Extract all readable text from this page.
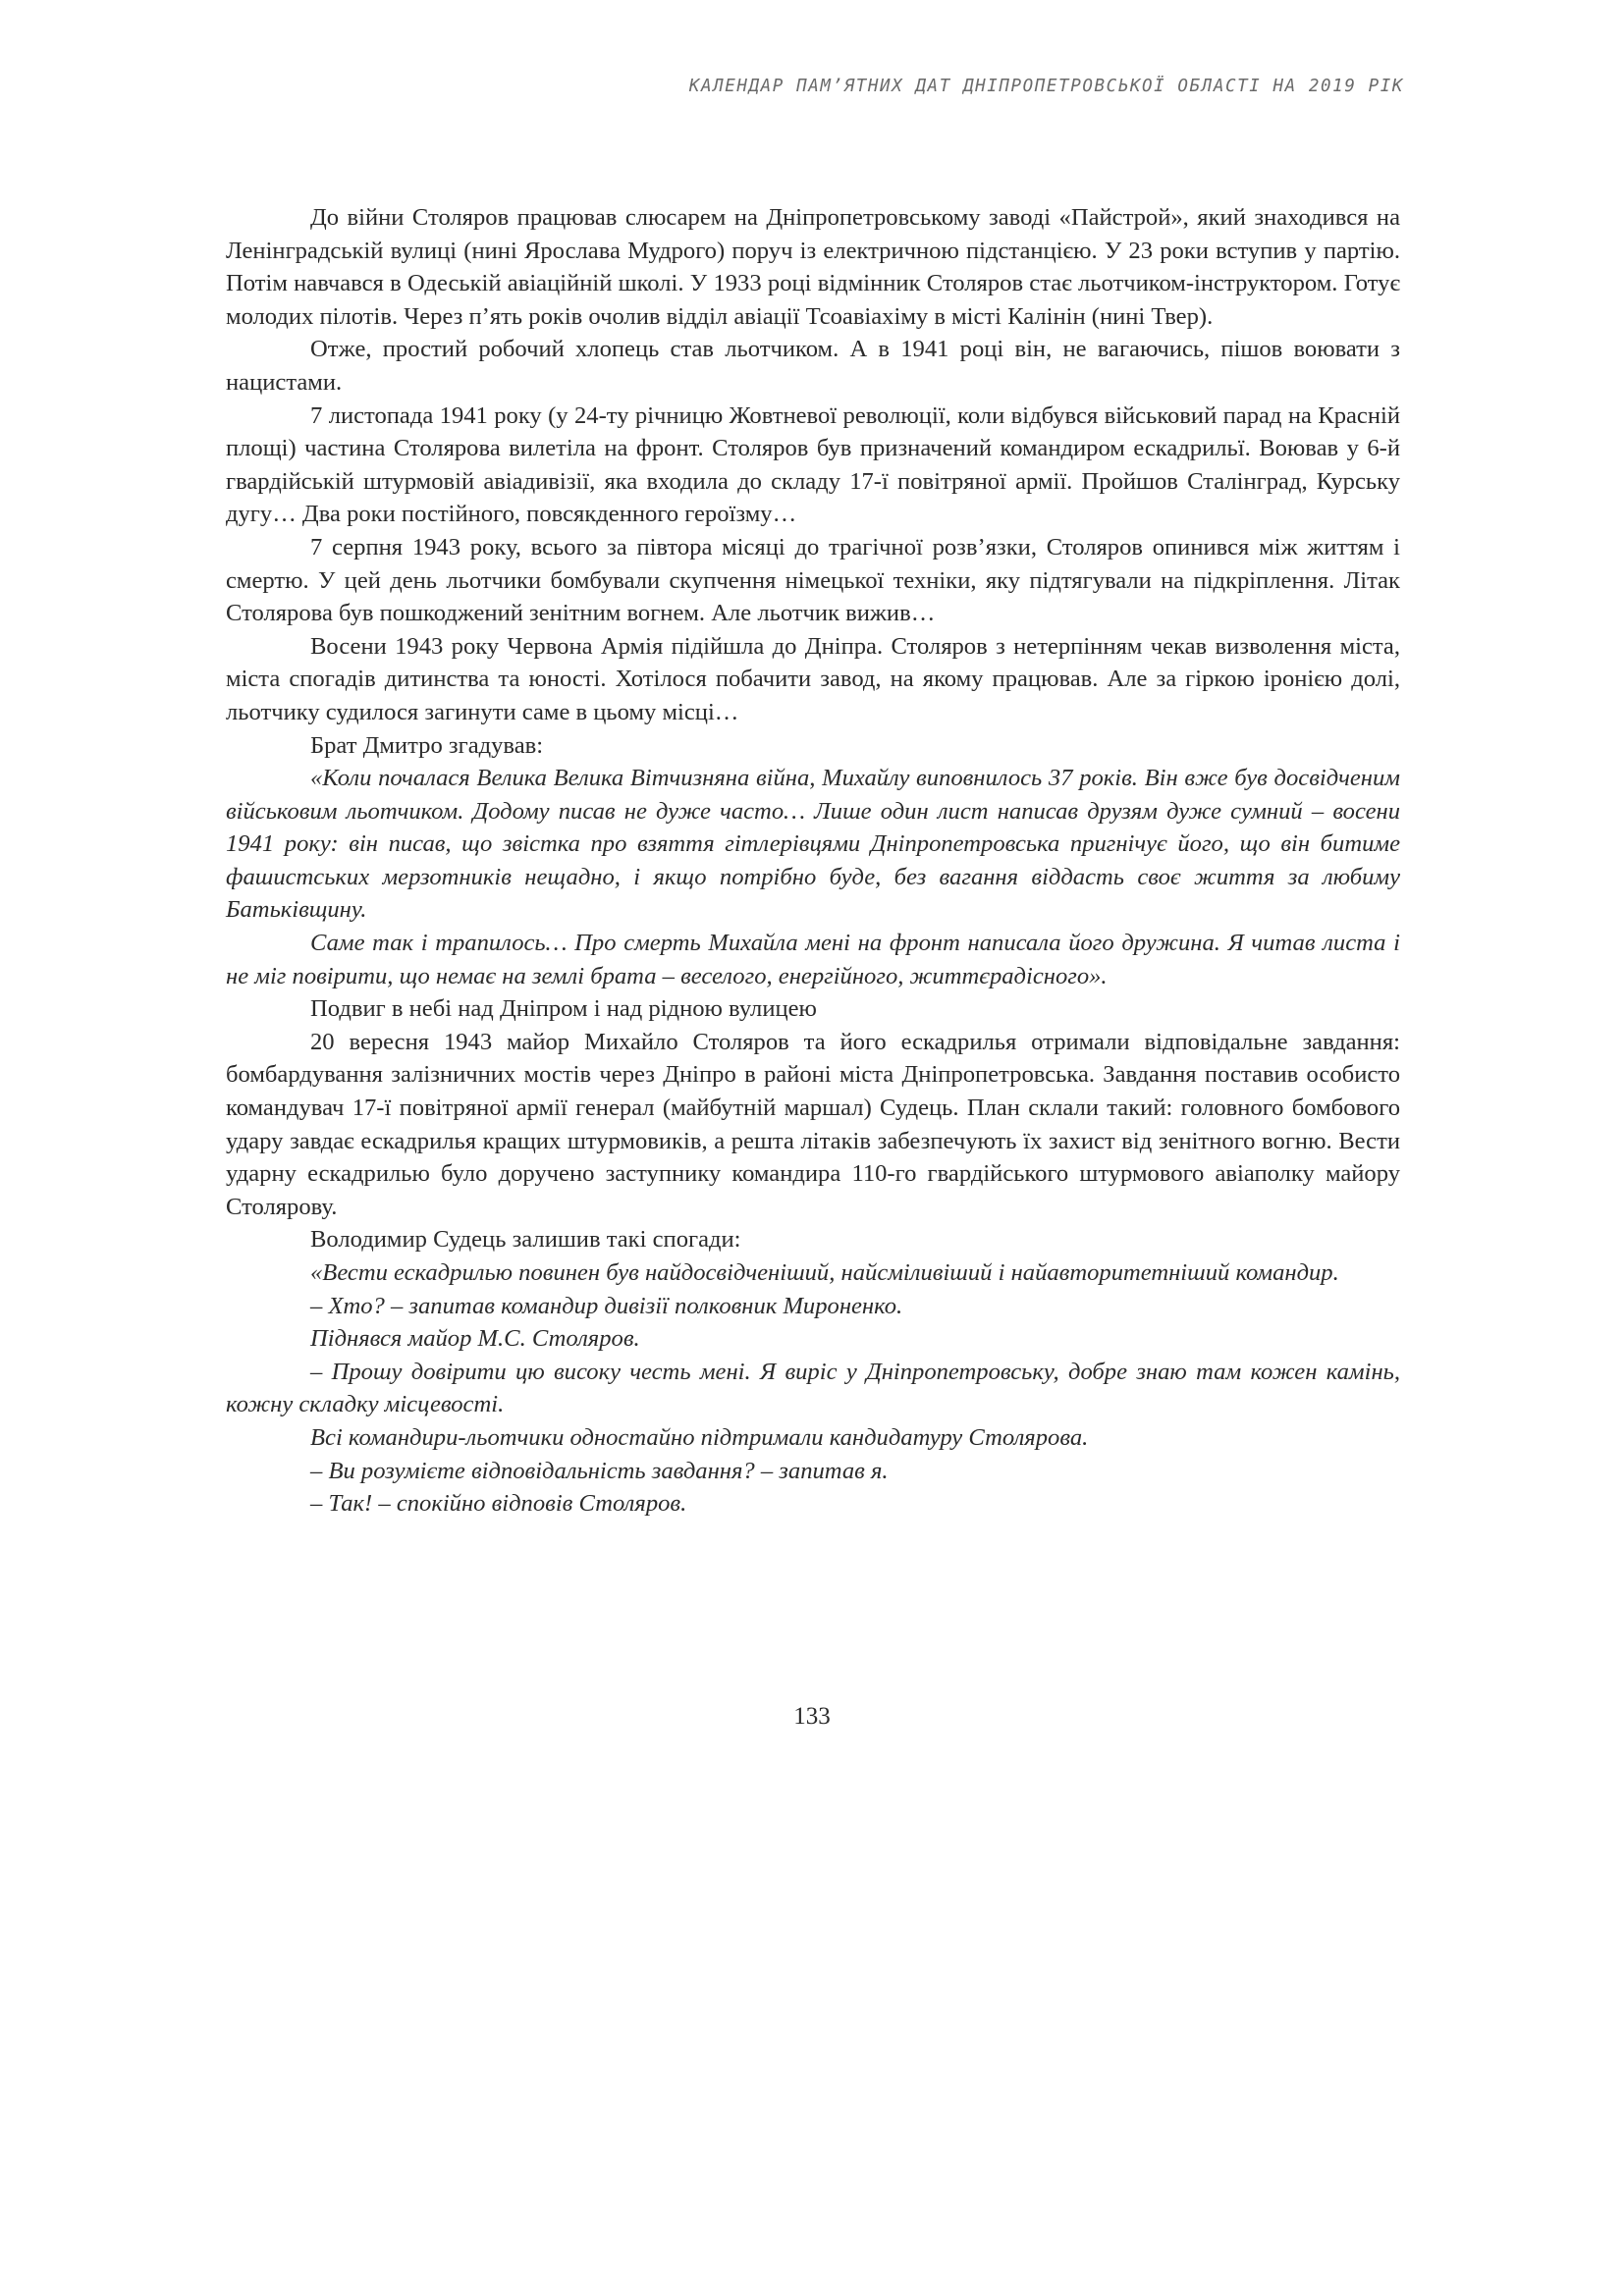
КАЛЕНДАР ПАМ’ЯТНИХ ДАТ ДНІПРОПЕТРОВСЬКОЇ ОБЛАСТІ НА 2019 РІК

До війни Столяров працював слюсарем на Дніпропетровському заводі «Пайстрой», який знаходився на Ленінградській вулиці (нині Ярослава Мудрого) поруч із електричною підстанцією. У 23 роки вступив у партію. Потім навчався в Одеській авіаційній школі. У 1933 році відмінник Столяров стає льотчиком-інструктором. Готує молодих пілотів. Через п’ять років очолив відділ авіації Тсоавіахіму в місті Калінін (нині Твер).

Отже, простий робочий хлопець став льотчиком. А в 1941 році він, не вагаючись, пішов воювати з нацистами.

7 листопада 1941 року (у 24-ту річницю Жовтневої революції, коли відбувся військовий парад на Красній площі) частина Столярова вилетіла на фронт. Столяров був призначений командиром ескадрильї. Воював у 6-й гвардійській штурмовій авіадивізії, яка входила до складу 17-ї повітряної армії. Пройшов Сталінград, Курську дугу… Два роки постійного, повсякденного героїзму…

7 серпня 1943 року, всього за півтора місяці до трагічної розв’язки, Столяров опинився між життям і смертю. У цей день льотчики бомбували скупчення німецької техніки, яку підтягували на підкріплення. Літак Столярова був пошкоджений зенітним вогнем. Але льотчик вижив…

Восени 1943 року Червона Армія підійшла до Дніпра. Столяров з нетерпінням чекав визволення міста, міста спогадів дитинства та юності. Хотілося побачити завод, на якому працював. Але за гіркою іронією долі, льотчику судилося загинути саме в цьому місці…

Брат Дмитро згадував:

«Коли почалася Велика Велика Вітчизняна війна, Михайлу виповнилось 37 років. Він вже був досвідченим військовим льотчиком. Додому писав не дуже часто… Лише один лист написав друзям дуже сумний – восени 1941 року: він писав, що звістка про взяття гітлерівцями Дніпропетровська пригнічує його, що він битиме фашистських мерзотників нещадно, і якщо потрібно буде, без вагання віддасть своє життя за любиму Батьківщину.

Саме так і трапилось… Про смерть Михайла мені на фронт написала його дружина. Я читав листа і не міг повірити, що немає на землі брата – веселого, енергійного, життєрадісного».

Подвиг в небі над Дніпром і над рідною вулицею

20 вересня 1943 майор Михайло Столяров та його ескадрилья отримали відповідальне завдання: бомбардування залізничних мостів через Дніпро в районі міста Дніпропетровська. Завдання поставив особисто командувач 17-ї повітряної армії генерал (майбутній маршал) Судець. План склали такий: головного бомбового удару завдає ескадрилья кращих штурмовиків, а решта літаків забезпечують їх захист від зенітного вогню. Вести ударну ескадрилью було доручено заступнику командира 110-го гвардійського штурмового авіаполку майору Столярову.

Володимир Судець залишив такі спогади:

«Вести ескадрилью повинен був найдосвідченіший, найсміливіший і найавторитетніший командир.

– Хто? – запитав командир дивізії полковник Мироненко.

Піднявся майор М.С. Столяров.

– Прошу довірити цю високу честь мені. Я виріс у Дніпропетровську, добре знаю там кожен камінь, кожну складку місцевості.

Всі командири-льотчики одностайно підтримали кандидатуру Столярова.

– Ви розумієте відповідальність завдання? – запитав я.

– Так! – спокійно відповів Столяров.

133
